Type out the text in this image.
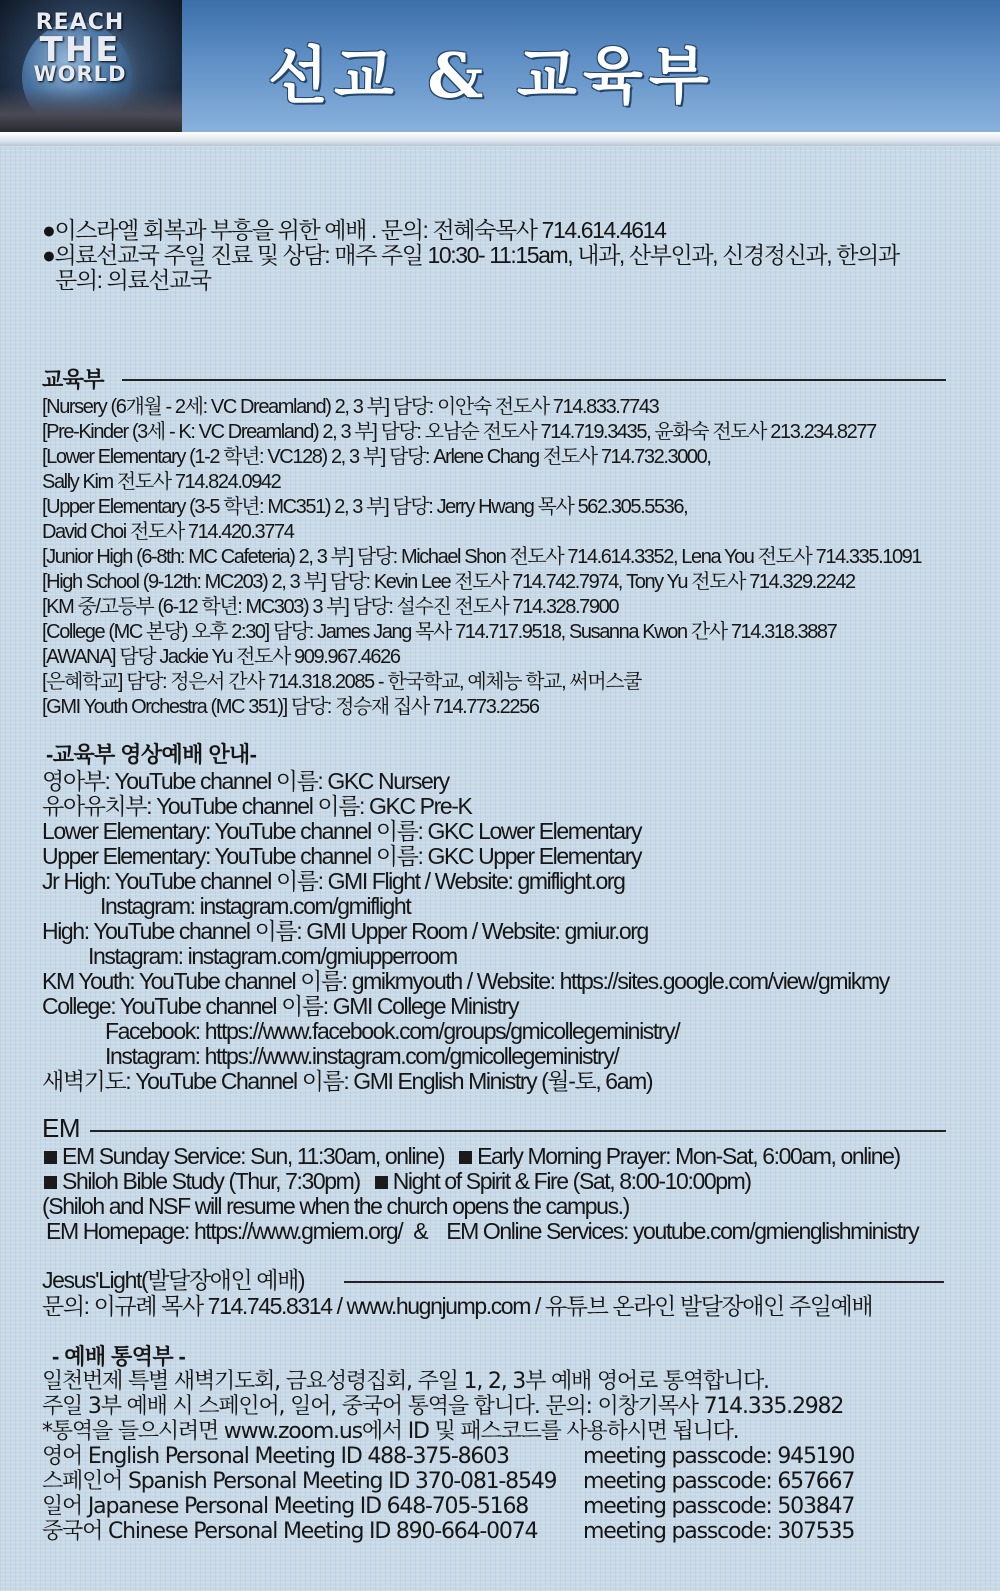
REACH
THE
WORLD	선교 & 교육부
●이스라엘 회복과 부흥을 위한 예배 . 문의: 전혜숙목사 714.614.4614
●의료선교국 주일 진료 및 상담: 매주 주일 10:30- 11:15am, 내과, 산부인과, 신경정신과, 한의과
문의: 의료선교국
교육부
[Nursery (6개월 - 2세: VC Dreamland) 2, 3 부] 담당: 이안숙 전도사 714.833.7743
[Pre-Kinder (3세 - K: VC Dreamland) 2, 3 부] 담당: 오남순 전도사 714.719.3435, 윤화숙 전도사 213.234.8277
[Lower Elementary (1-2 학년: VC128) 2, 3 부] 담당: Arlene Chang 전도사 714.732.3000,
Sally Kim 전도사 714.824.0942
[Upper Elementary (3-5 학년: MC351) 2, 3 부] 담당: Jerry Hwang 목사 562.305.5536,
David Choi 전도사 714.420.3774
[Junior High (6-8th: MC Cafeteria) 2, 3 부] 담당: Michael Shon 전도사 714.614.3352, Lena You 전도사 714.335.1091
[High School (9-12th: MC203) 2, 3 부] 담당: Kevin Lee 전도사 714.742.7974, Tony Yu 전도사 714.329.2242
[KM 중/고등부 (6-12 학년: MC303) 3 부] 담당: 설수진 전도사 714.328.7900
[College (MC 본당) 오후 2:30] 담당: James Jang 목사 714.717.9518, Susanna Kwon 간사 714.318.3887
[AWANA] 담당 Jackie Yu 전도사 909.967.4626
[은혜학교] 담당: 정은서 간사 714.318.2085 - 한국학교, 예체능 학교, 써머스쿨
[GMI Youth Orchestra (MC 351)] 담당: 정승재 집사 714.773.2256
-교육부 영상예배 안내-
영아부: YouTube channel 이름: GKC Nursery
유아유치부: YouTube channel 이름: GKC Pre-K
Lower Elementary: YouTube channel 이름: GKC Lower Elementary
Upper Elementary: YouTube channel 이름: GKC Upper Elementary
Jr High: YouTube channel 이름: GMI Flight / Website: gmiflight.org
Instagram: instagram.com/gmiflight
High: YouTube channel 이름: GMI Upper Room / Website: gmiur.org
Instagram: instagram.com/gmiupperroom
KM Youth: YouTube channel 이름: gmikmyouth / Website: https://sites.google.com/view/gmikmy
College: YouTube channel 이름: GMI College Ministry
Facebook: https://www.facebook.com/groups/gmicollegeministry/
Instagram: https://www.instagram.com/gmicollegeministry/
새벽기도: YouTube Channel 이름: GMI English Ministry (월-토, 6am)
EM
EM Sunday Service: Sun, 11:30am, online) Early Morning Prayer: Mon-Sat, 6:00am, online)
Shiloh Bible Study (Thur, 7:30pm) Night of Spirit & Fire (Sat, 8:00-10:00pm)
(Shiloh and NSF will resume when the church opens the campus.)
EM Homepage: https://www.gmiem.org/ & EM Online Services: youtube.com/gmienglishministry
Jesus'Light(발달장애인 예배)
문의: 이규례 목사 714.745.8314 / www.hugnjump.com / 유튜브 온라인 발달장애인 주일예배
- 예배 통역부 -
일천번제 특별 새벽기도회, 금요성령집회, 주일 1, 2, 3부 예배 영어로 통역합니다.
주일 3부 예배 시 스페인어, 일어, 중국어 통역을 합니다. 문의: 이창기목사 714.335.2982
*통역을 들으시려면 www.zoom.us에서 ID 및 패스코드를 사용하시면 됩니다.
영어 English Personal Meeting ID 488-375-8603	meeting passcode: 945190
스페인어 Spanish Personal Meeting ID 370-081-8549 meeting passcode: 657667
일어 Japanese Personal Meeting ID 648-705-5168 meeting passcode: 503847
중국어 Chinese Personal Meeting ID 890-664-0074 meeting passcode: 307535
